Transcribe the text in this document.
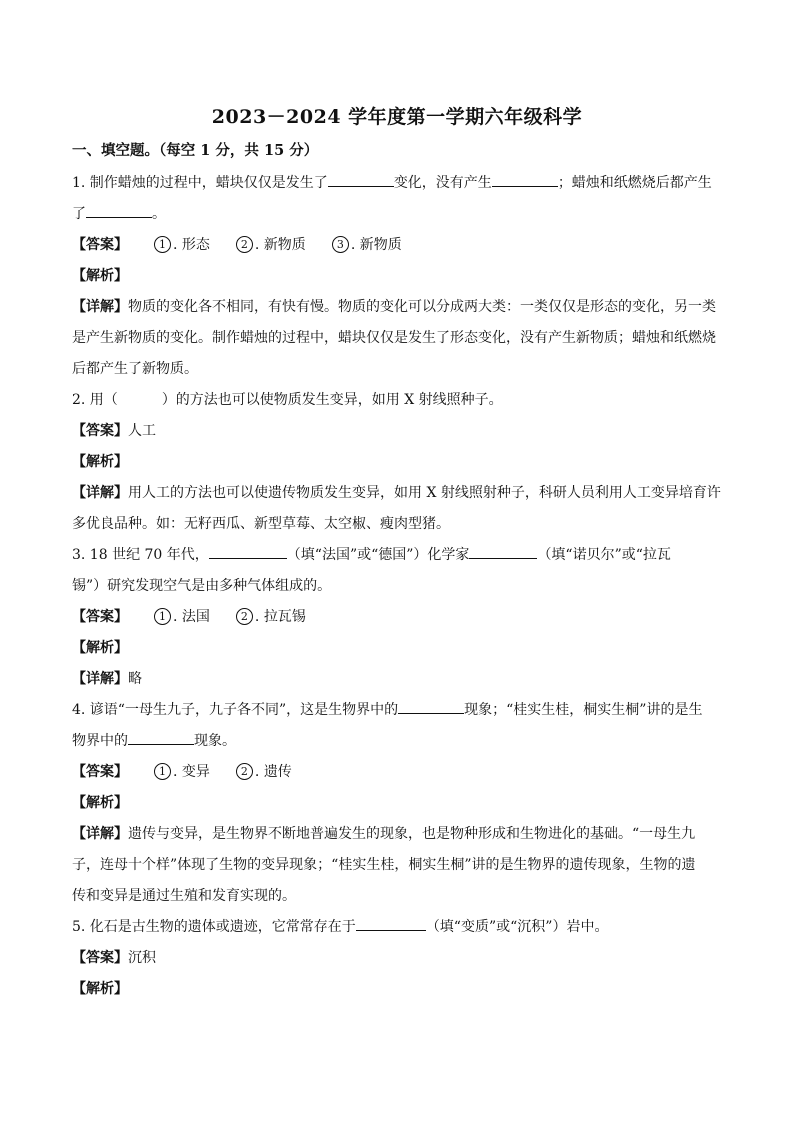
2023－2024 学年度第一学期六年级科学
一、填空题。（每空 1 分，共 15 分）

1. 制作蜡烛的过程中，蜡块仅仅是发生了	变化，没有产生	；蜡烛和纸燃烧后都产生

了	。

【答案】	1 . 形态	2 . 新物质	3 . 新物质

【解析】

【详解】物质的变化各不相同，有快有慢。物质的变化可以分成两大类：一类仅仅是形态的变化，另一类

是产生新物质的变化。制作蜡烛的过程中，蜡块仅仅是发生了形态变化，没有产生新物质；蜡烛和纸燃烧

后都产生了新物质。

2. 用（	）的方法也可以使物质发生变异，如用 X 射线照种子。

【答案】人工

【解析】

【详解】用人工的方法也可以使遗传物质发生变异，如用 X 射线照射种子，科研人员利用人工变异培育许

多优良品种。如：无籽西瓜、新型草莓、太空椒、瘦肉型猪。

3. 18 世纪 70 年代，	（填“法国”或“德国”）化学家	（填“诺贝尔”或“拉瓦

锡”）研究发现空气是由多种气体组成的。

【答案】	1 . 法国	2 . 拉瓦锡

【解析】

【详解】略

4. 谚语“一母生九子，九子各不同”，这是生物界中的	现象；“桂实生桂，桐实生桐”讲的是生

物界中的	现象。

【答案】	1 . 变异	2 . 遗传

【解析】

【详解】遗传与变异，是生物界不断地普遍发生的现象，也是物种形成和生物进化的基础。“一母生九

子，连母十个样”体现了生物的变异现象；“桂实生桂，桐实生桐”讲的是生物界的遗传现象，生物的遗

传和变异是通过生殖和发育实现的。

5. 化石是古生物的遗体或遗迹，它常常存在于	（填“变质”或“沉积”）岩中。

【答案】沉积

【解析】
